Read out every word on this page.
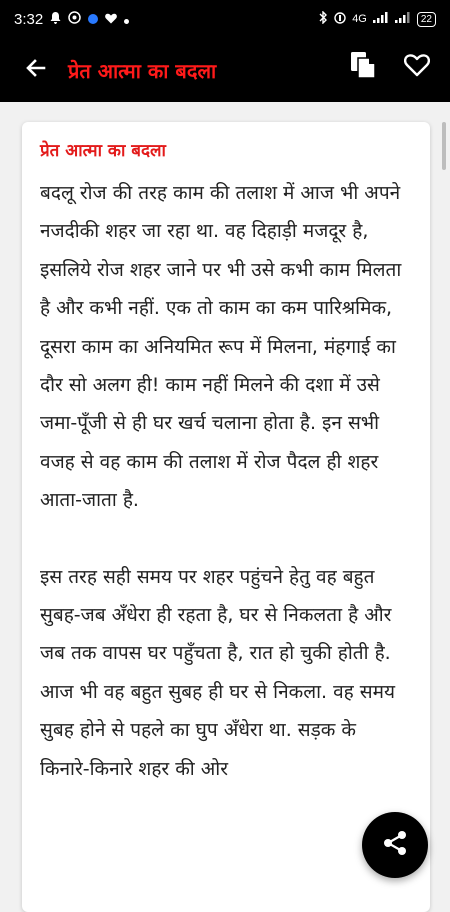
3:32	4G	22
प्रेत आत्मा का बदला
प्रेत आत्मा का बदला

बदलू रोज की तरह काम की तलाश में आज भी अपने नजदीकी शहर जा रहा था. वह दिहाड़ी मजदूर है, इसलिये रोज शहर जाने पर भी उसे कभी काम मिलता है और कभी नहीं. एक तो काम का कम पारिश्रमिक, दूसरा काम का अनियमित रूप में मिलना, मंहगाई का दौर सो अलग ही! काम नहीं मिलने की दशा में उसे जमा-पूँजी से ही घर खर्च चलाना होता है. इन सभी वजह से वह काम की तलाश में रोज पैदल ही शहर आता-जाता है.

इस तरह सही समय पर शहर पहुंचने हेतु वह बहुत सुबह-जब अँधेरा ही रहता है, घर से निकलता है और जब तक वापस घर पहुँचता है, रात हो चुकी होती है. आज भी वह बहुत सुबह ही घर से निकला. वह समय सुबह होने से पहले का घुप अँधेरा था. सड़क के किनारे-किनारे शहर की ओर
